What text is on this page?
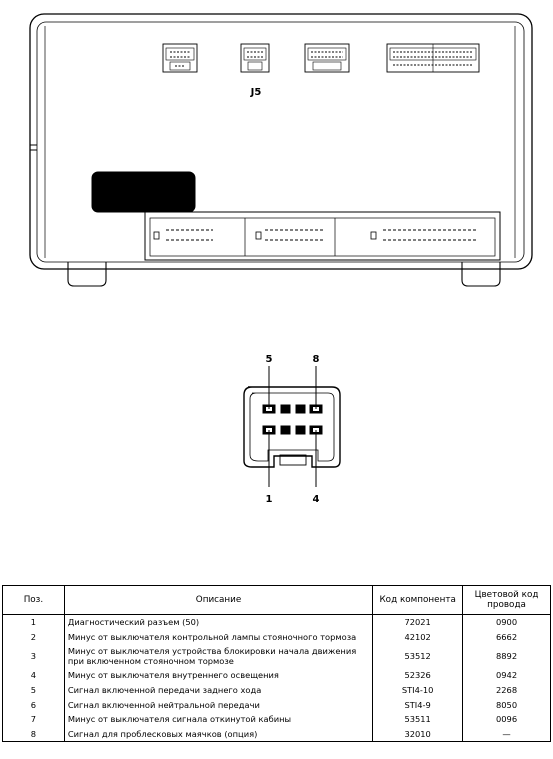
J5
5	8
1	4
Поз.	Описание	Код компонента	Цветовой код провода
1	Диагностический разъем (50)	72021	0900
2	Минус от выключателя контрольной лампы стояночного тормоза	42102	6662
3	Минус от выключателя устройства блокировки начала движения при включенном стояночном тормозе	53512	8892
4	Минус от выключателя внутреннего освещения	52326	0942
5	Сигнал включенной передачи заднего хода	STI4-10	2268
6	Сигнал включенной нейтральной передачи	STI4-9	8050
7	Минус от выключателя сигнала откинутой кабины	53511	0096
8	Сигнал для проблесковых маячков (опция)	32010	—
